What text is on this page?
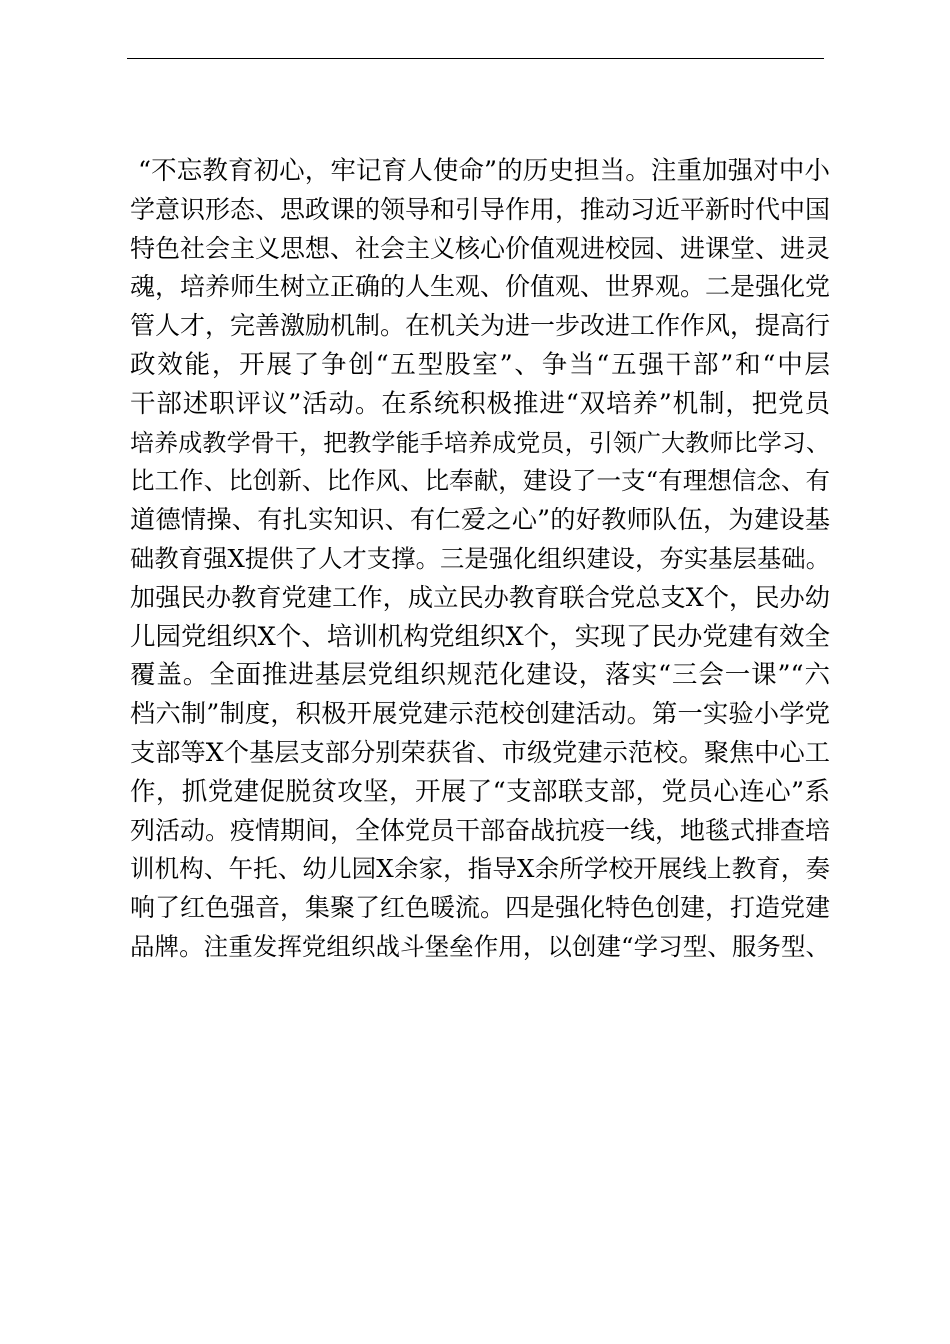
“不忘教育初心，牢记育人使命”的历史担当。注重加强对中小
学意识形态、思政课的领导和引导作用，推动习近平新时代中国
特色社会主义思想、社会主义核心价值观进校园、进课堂、进灵
魂，培养师生树立正确的人生观、价值观、世界观。二是强化党
管人才，完善激励机制。在机关为进一步改进工作作风，提高行
政效能，开展了争创“五型股室”、争当“五强干部”和“中层
干部述职评议”活动。在系统积极推进“双培养”机制，把党员
培养成教学骨干，把教学能手培养成党员，引领广大教师比学习、
比工作、比创新、比作风、比奉献，建设了一支“有理想信念、有
道德情操、有扎实知识、有仁爱之心”的好教师队伍，为建设基
础教育强X提供了人才支撑。三是强化组织建设，夯实基层基础。
加强民办教育党建工作，成立民办教育联合党总支X个，民办幼
儿园党组织X个、培训机构党组织X个，实现了民办党建有效全
覆盖。全面推进基层党组织规范化建设，落实“三会一课”“六
档六制”制度，积极开展党建示范校创建活动。第一实验小学党
支部等X个基层支部分别荣获省、市级党建示范校。聚焦中心工
作，抓党建促脱贫攻坚，开展了“支部联支部，党员心连心”系
列活动。疫情期间，全体党员干部奋战抗疫一线，地毯式排查培
训机构、午托、幼儿园X余家，指导X余所学校开展线上教育，奏
响了红色强音，集聚了红色暖流。四是强化特色创建，打造党建
品牌。注重发挥党组织战斗堡垒作用，以创建“学习型、服务型、
